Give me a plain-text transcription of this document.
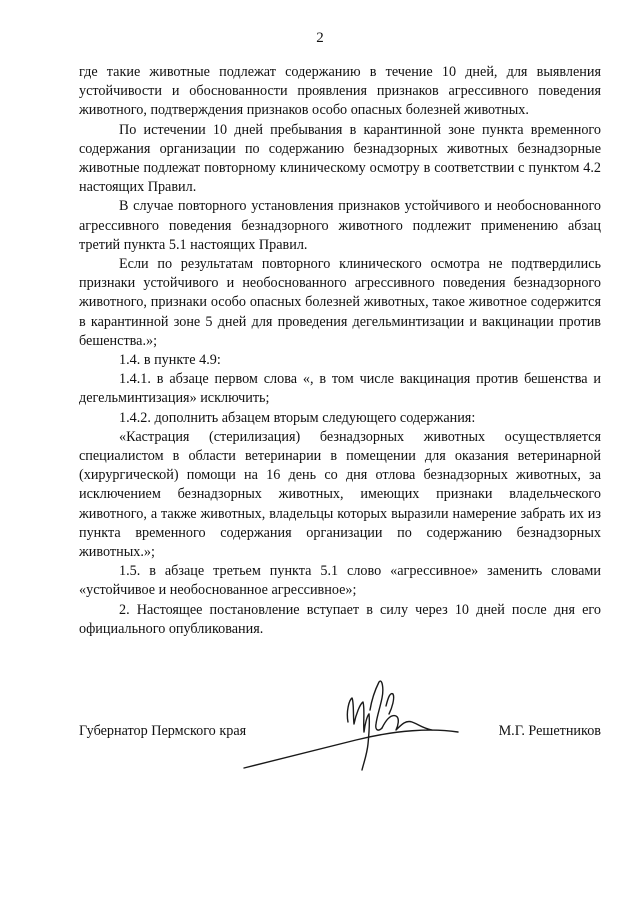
2

где такие животные подлежат содержанию в течение 10 дней, для выявления устойчивости и обоснованности проявления признаков агрессивного поведения животного, подтверждения признаков особо опасных болезней животных.

По истечении 10 дней пребывания в карантинной зоне пункта временного содержания организации по содержанию безнадзорных животных безнадзорные животные подлежат повторному клиническому осмотру в соответствии с пунктом 4.2 настоящих Правил.

В случае повторного установления признаков устойчивого и необоснованного агрессивного поведения безнадзорного животного подлежит применению абзац третий пункта 5.1 настоящих Правил.

Если по результатам повторного клинического осмотра не подтвердились признаки устойчивого и необоснованного агрессивного поведения безнадзорного животного, признаки особо опасных болезней животных, такое животное содержится в карантинной зоне 5 дней для проведения дегельминтизации и вакцинации против бешенства.»;

1.4. в пункте 4.9:

1.4.1. в абзаце первом слова «, в том числе вакцинация против бешенства и дегельминтизация» исключить;

1.4.2. дополнить абзацем вторым следующего содержания:

«Кастрация (стерилизация) безнадзорных животных осуществляется специалистом в области ветеринарии в помещении для оказания ветеринарной (хирургической) помощи на 16 день со дня отлова безнадзорных животных, за исключением безнадзорных животных, имеющих признаки владельческого животного, а также животных, владельцы которых выразили намерение забрать их из пункта временного содержания организации по содержанию безнадзорных животных.»;

1.5. в абзаце третьем пункта 5.1 слово «агрессивное» заменить словами «устойчивое и необоснованное агрессивное»;

2. Настоящее постановление вступает в силу через 10 дней после дня его официального опубликования.

Губернатор Пермского края	М.Г. Решетников
